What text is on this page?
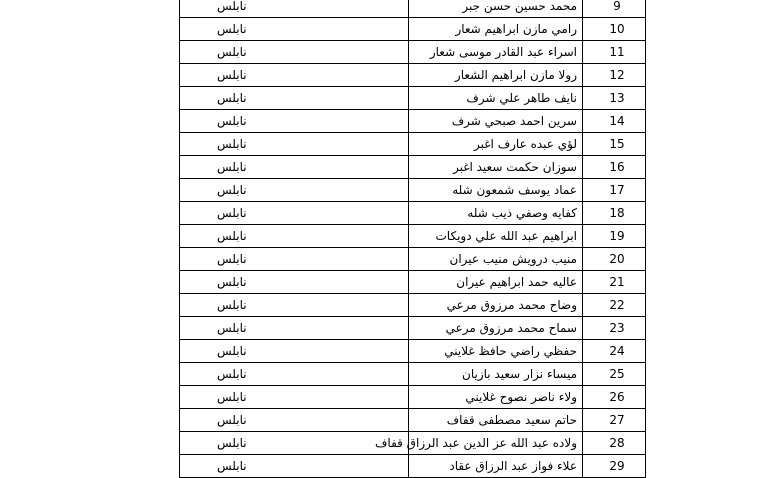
نابلس	محمد حسين حسن جبر	9
نابلس	رامي مازن ابراهيم شعار	10
نابلس	اسراء عبد القادر موسى شعار	11
نابلس	رولا مازن ابراهيم الشعار	12
نابلس	نايف طاهر علي شرف	13
نابلس	سرين احمد صبحي شرف	14
نابلس	لؤي عبده عارف اغبر	15
نابلس	سوزان حكمت سعيد اغبر	16
نابلس	عماد يوسف شمعون شله	17
نابلس	كفايه وصفي ذيب شله	18
نابلس	ابراهيم عبد الله علي دويكات	19
نابلس	منيب درويش منيب عيران	20
نابلس	عاليه حمد ابراهيم عيران	21
نابلس	وضاح محمد مرزوق مرعي	22
نابلس	سماح محمد مرزوق مرعي	23
نابلس	حفظي راضي حافظ غلايني	24
نابلس	ميساء نزار سعيد بازيان	25
نابلس	ولاء ناصر نصوح غلايني	26
نابلس	حاتم سعيد مصطفى قفاف	27
نابلس	ولاده عبد الله عز الدين عبد الرزاق قفاف	28
نابلس	علاء فواز عبد الرزاق عقاد	29
